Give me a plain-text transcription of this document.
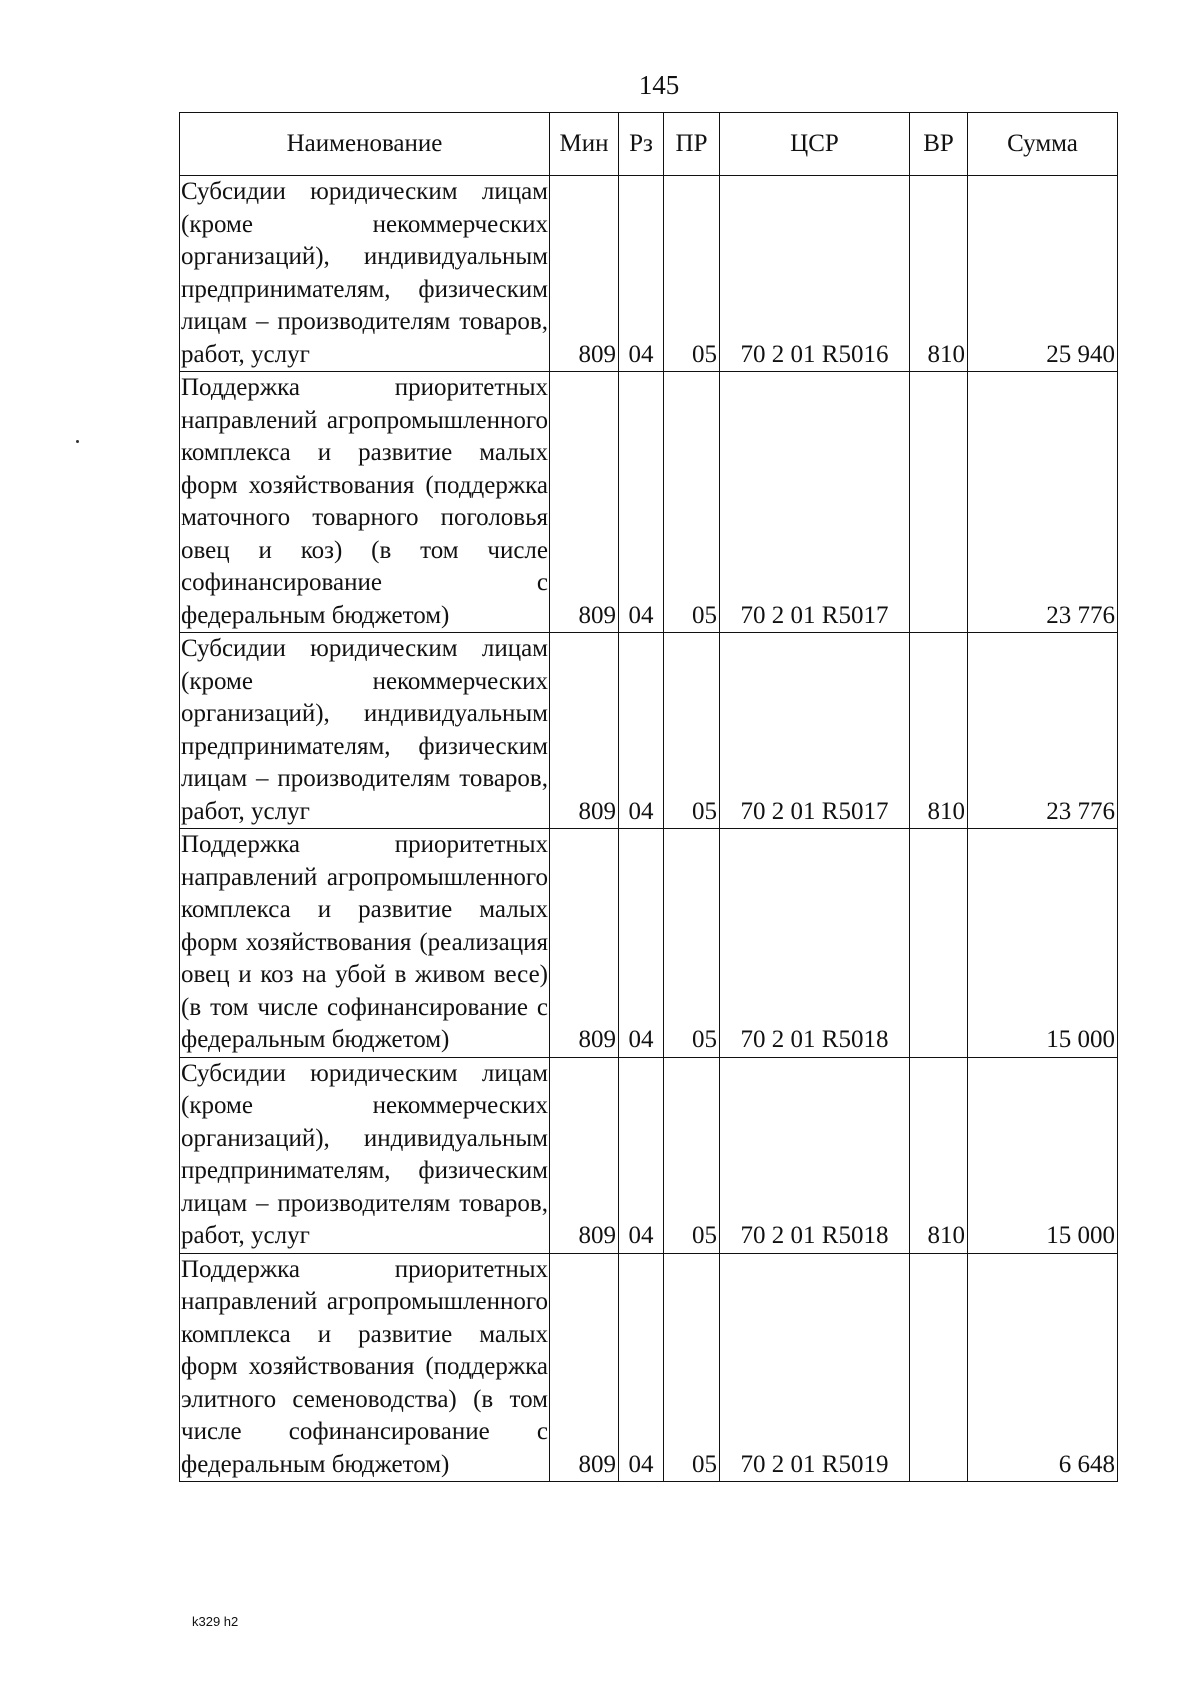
145
Наименование	Мин	Рз	ПР	ЦСР	ВР	Сумма
Субсидии юридическим лицам (кроме некоммерческих организаций), индивидуальным предпринимателям, физическим лицам – производителям товаров, работ, услуг	809	04	05	70 2 01 R5016	810	25 940
Поддержка приоритетных направлений агропромышленного комплекса и развитие малых форм хозяйствования (поддержка маточного товарного поголовья овец и коз) (в том числе софинансирование с федеральным бюджетом)	809	04	05	70 2 01 R5017		23 776
Субсидии юридическим лицам (кроме некоммерческих организаций), индивидуальным предпринимателям, физическим лицам – производителям товаров, работ, услуг	809	04	05	70 2 01 R5017	810	23 776
Поддержка приоритетных направлений агропромышленного комплекса и развитие малых форм хозяйствования (реализация овец и коз на убой в живом весе) (в том числе софинансирование с федеральным бюджетом)	809	04	05	70 2 01 R5018		15 000
Субсидии юридическим лицам (кроме некоммерческих организаций), индивидуальным предпринимателям, физическим лицам – производителям товаров, работ, услуг	809	04	05	70 2 01 R5018	810	15 000
Поддержка приоритетных направлений агропромышленного комплекса и развитие малых форм хозяйствования (поддержка элитного семеноводства) (в том числе софинансирование с федеральным бюджетом)	809	04	05	70 2 01 R5019		6 648
k329 h2
